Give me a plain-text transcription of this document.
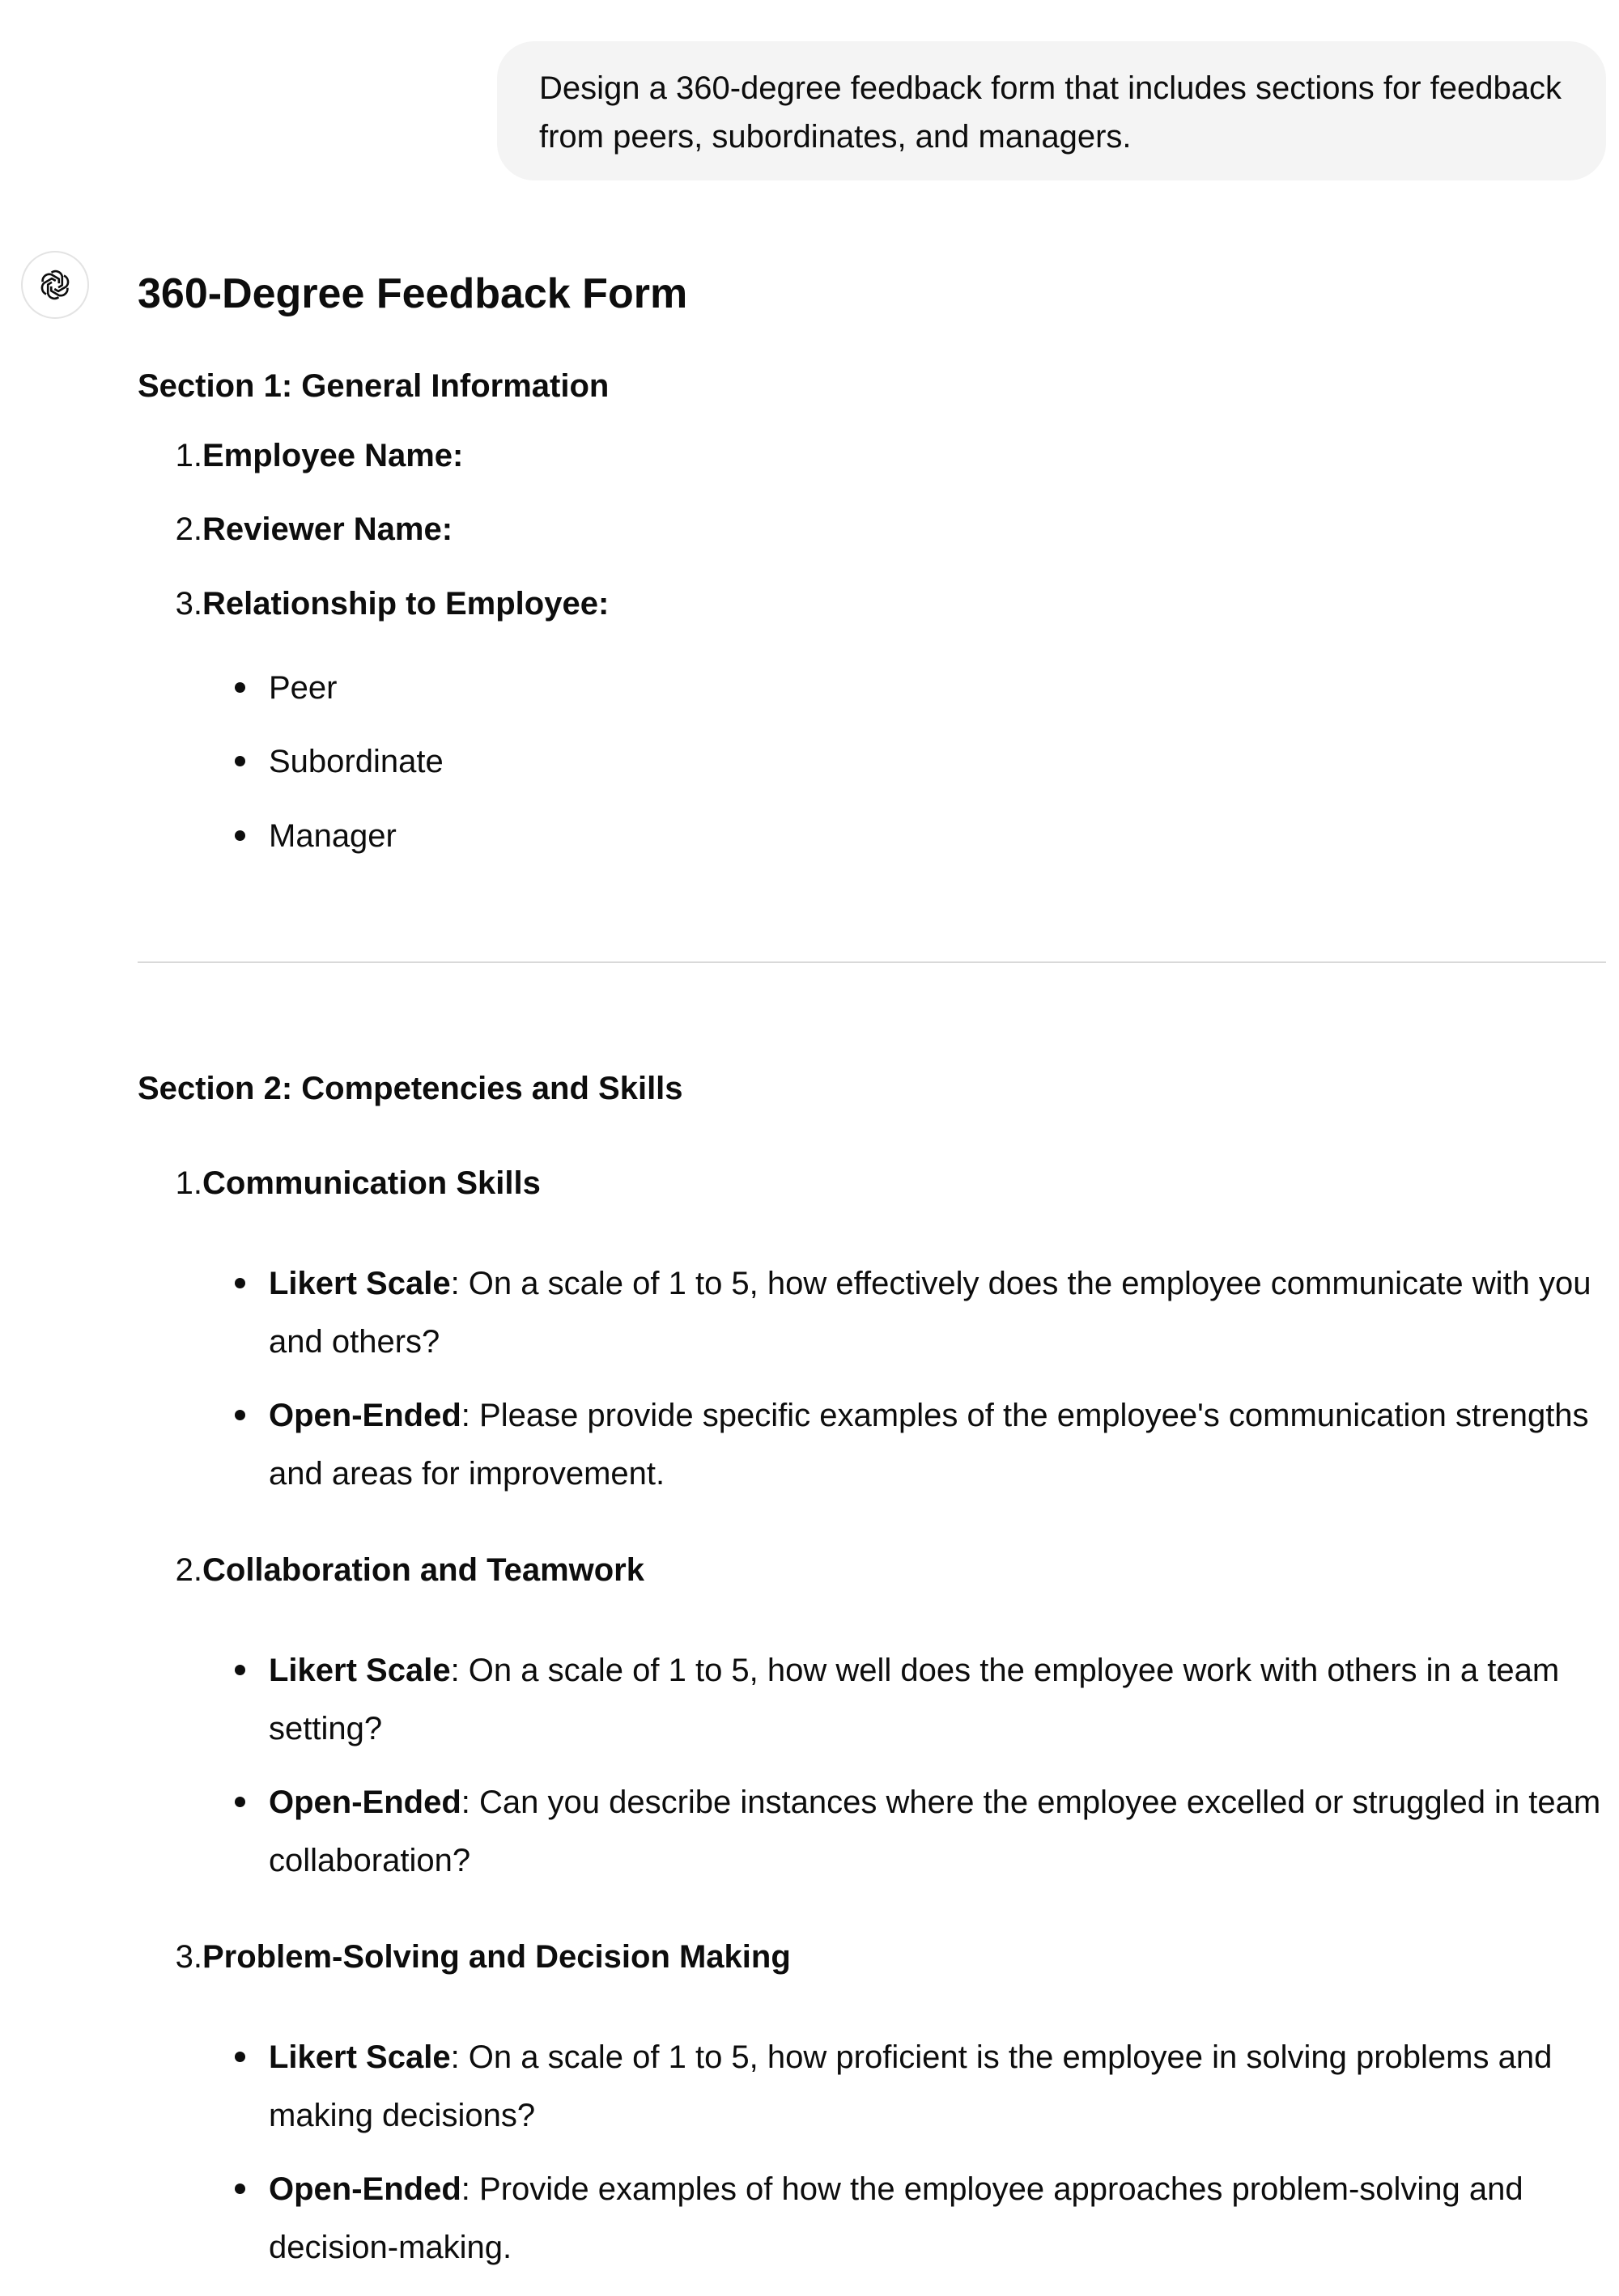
Design a 360-degree feedback form that includes sections for feedback from peers, subordinates, and managers.
360-Degree Feedback Form
Section 1: General Information
1. Employee Name:
2. Reviewer Name:
3. Relationship to Employee:
Peer
Subordinate
Manager
Section 2: Competencies and Skills
1. Communication Skills
Likert Scale: On a scale of 1 to 5, how effectively does the employee communicate with you and others?
Open-Ended: Please provide specific examples of the employee's communication strengths and areas for improvement.
2. Collaboration and Teamwork
Likert Scale: On a scale of 1 to 5, how well does the employee work with others in a team setting?
Open-Ended: Can you describe instances where the employee excelled or struggled in team collaboration?
3. Problem-Solving and Decision Making
Likert Scale: On a scale of 1 to 5, how proficient is the employee in solving problems and making decisions?
Open-Ended: Provide examples of how the employee approaches problem-solving and decision-making.
